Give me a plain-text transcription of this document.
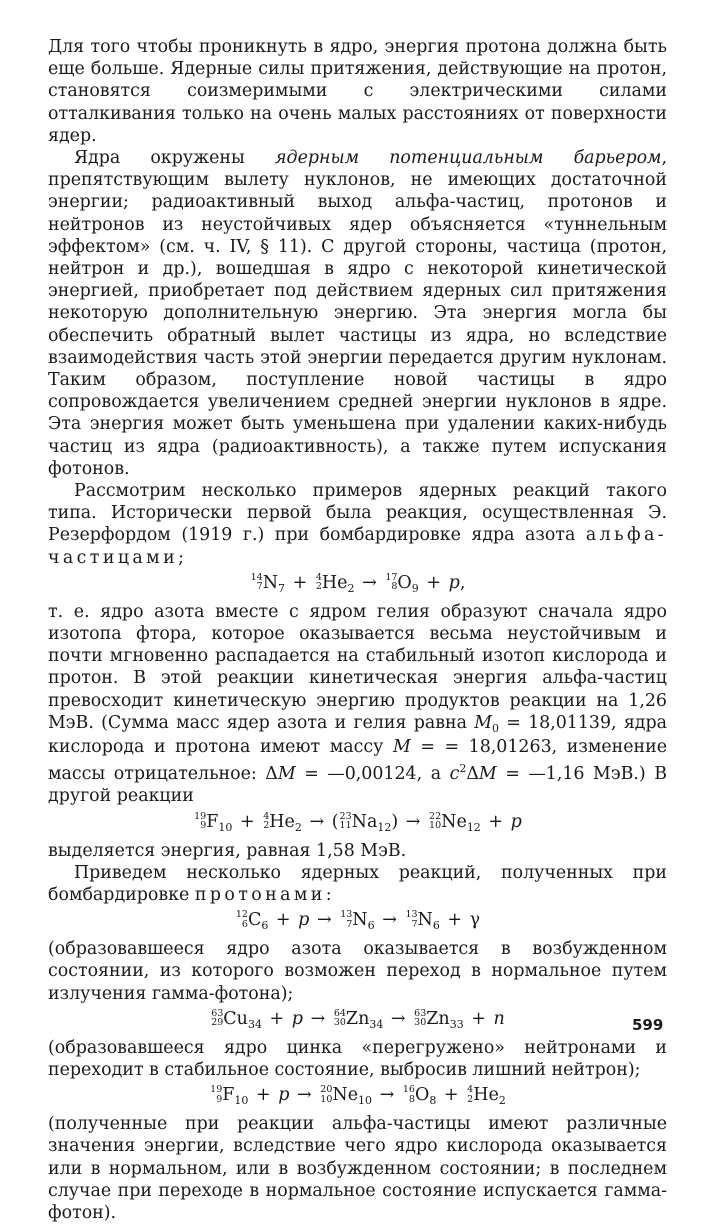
Для того чтобы проникнуть в ядро, энергия протона должна быть еще больше. Ядерные силы притяжения, действующие на протон, становятся соизмеримыми с электрическими силами отталкивания только на очень малых расстояниях от поверхности ядер.

Ядра окружены ядерным потенциальным барьером, препятствующим вылету нуклонов, не имеющих достаточной энергии; радиоактивный выход альфа-частиц, протонов и нейтронов из неустойчивых ядер объясняется «туннельным эффектом» (см. ч. IV, § 11). С другой стороны, частица (протон, нейтрон и др.), вошедшая в ядро с некоторой кинетической энергией, приобретает под действием ядерных сил притяжения некоторую дополнительную энергию. Эта энергия могла бы обеспечить обратный вылет частицы из ядра, но вследствие взаимодействия часть этой энергии передается другим нуклонам. Таким образом, поступление новой частицы в ядро сопровождается увеличением средней энергии нуклонов в ядре. Эта энергия может быть уменьшена при удалении каких-нибудь частиц из ядра (радиоактивность), а также путем испускания фотонов.

Рассмотрим несколько примеров ядерных реакций такого типа. Исторически первой была реакция, осуществленная Э. Резерфордом (1919 г.) при бомбардировке ядра азота альфа-частицами;

14
7 $N_7 + 4$
2 $He_2 \to 17$
8 $O_9 + p$,

т. е. ядро азота вместе с ядром гелия образуют сначала ядро изотопа фтора, которое оказывается весьма неустойчивым и почти мгновенно распадается на стабильный изотоп кислорода и протон. В этой реакции кинетическая энергия альфа-частиц превосходит кинетическую энергию продуктов реакции на 1,26 МэВ. (Сумма масс ядер азота и гелия равна $M_0 = 18,01139$, ядра кислорода и протона имеют массу M = = 18,01263, изменение массы отрицательное: ΔM = —0,00124, а $c^2\Delta M$ = —1,16 МэВ.) В другой реакции

19
9 $F_{10} + 4$
2 $He_2$ → ( 23
11 $Na_{12}) \to 22$
10 $Ne_{12} + p$

выделяется энергия, равная 1,58 МэВ.

Приведем несколько ядерных реакций, полученных при бомбардировке протонами:

12
6 $C_6 + p \to 13$
7 $N_6 \to 13$
7 $N_6 + \gamma$

(образовавшееся ядро азота оказывается в возбужденном состоянии, из которого возможен переход в нормальное путем излучения гамма-фотона);

63
29 $Cu_{34} + p \to 64$
30 $Zn_{34} \to 63$
30 $Zn_{33} + n$

(образовавшееся ядро цинка «перегружено» нейтронами и переходит в стабильное состояние, выбросив лишний нейтрон);

19
9 $F_{10} + p \to 20$
10 $Ne_{10} \to 16$
8 $O_8 + 4$
2 $He_2$

(полученные при реакции альфа-частицы имеют различные значения энергии, вследствие чего ядро кислорода оказывается или в нормальном, или в возбужденном состоянии; в последнем случае при переходе в нормальное состояние испускается гамма-фотон).

599
